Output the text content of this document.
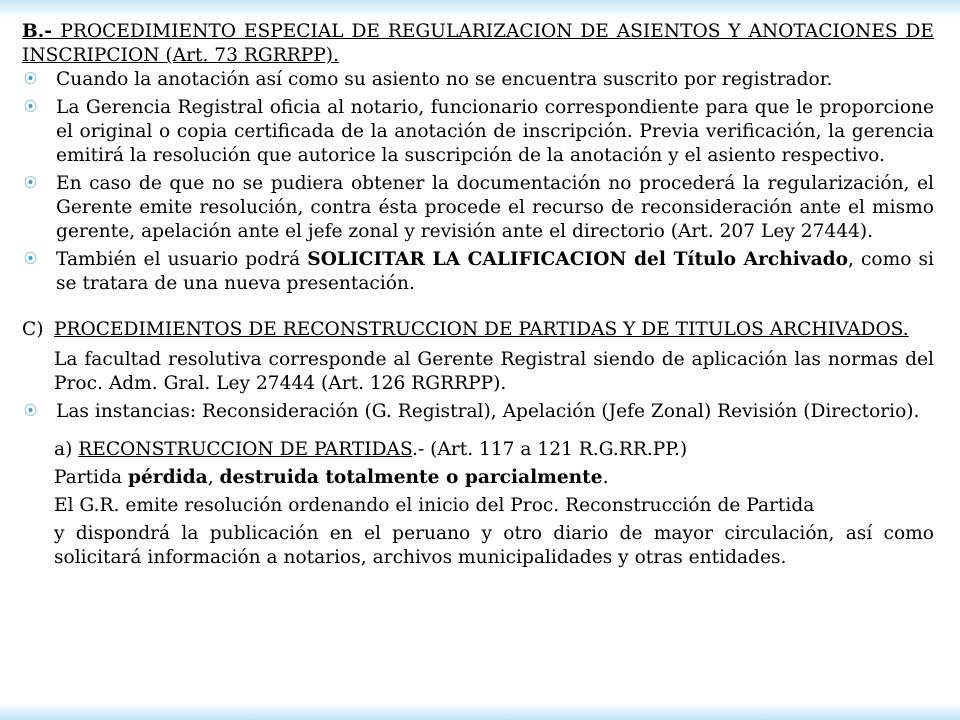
B.- PROCEDIMIENTO ESPECIAL DE REGULARIZACION DE ASIENTOS Y ANOTACIONES DE INSCRIPCION (Art. 73 RGRRPP).
⦿	Cuando la anotación así como su asiento no se encuentra suscrito por registrador.
⦿	La Gerencia Registral oficia al notario, funcionario correspondiente para que le proporcione el original o copia certificada de la anotación de inscripción. Previa verificación, la gerencia emitirá la resolución que autorice la suscripción de la anotación y el asiento respectivo.
⦿	En caso de que no se pudiera obtener la documentación no procederá la regularización, el Gerente emite resolución, contra ésta procede el recurso de reconsideración ante el mismo gerente, apelación ante el jefe zonal y revisión ante el directorio (Art. 207 Ley 27444).
⦿	También el usuario podrá SOLICITAR LA CALIFICACION del Título Archivado, como si se tratara de una nueva presentación.
C) PROCEDIMIENTOS DE RECONSTRUCCION DE PARTIDAS Y DE TITULOS ARCHIVADOS.
La facultad resolutiva corresponde al Gerente Registral siendo de aplicación las normas del Proc. Adm. Gral. Ley 27444 (Art. 126 RGRRPP).
⦿	Las instancias: Reconsideración (G. Registral), Apelación (Jefe Zonal) Revisión (Directorio).
a) RECONSTRUCCION DE PARTIDAS.- (Art. 117 a 121 R.G.RR.PP.)
Partida pérdida, destruida totalmente o parcialmente.
El G.R. emite resolución ordenando el inicio del Proc. Reconstrucción de Partida
y dispondrá la publicación en el peruano y otro diario de mayor circulación, así como solicitará información a notarios, archivos municipalidades y otras entidades.
